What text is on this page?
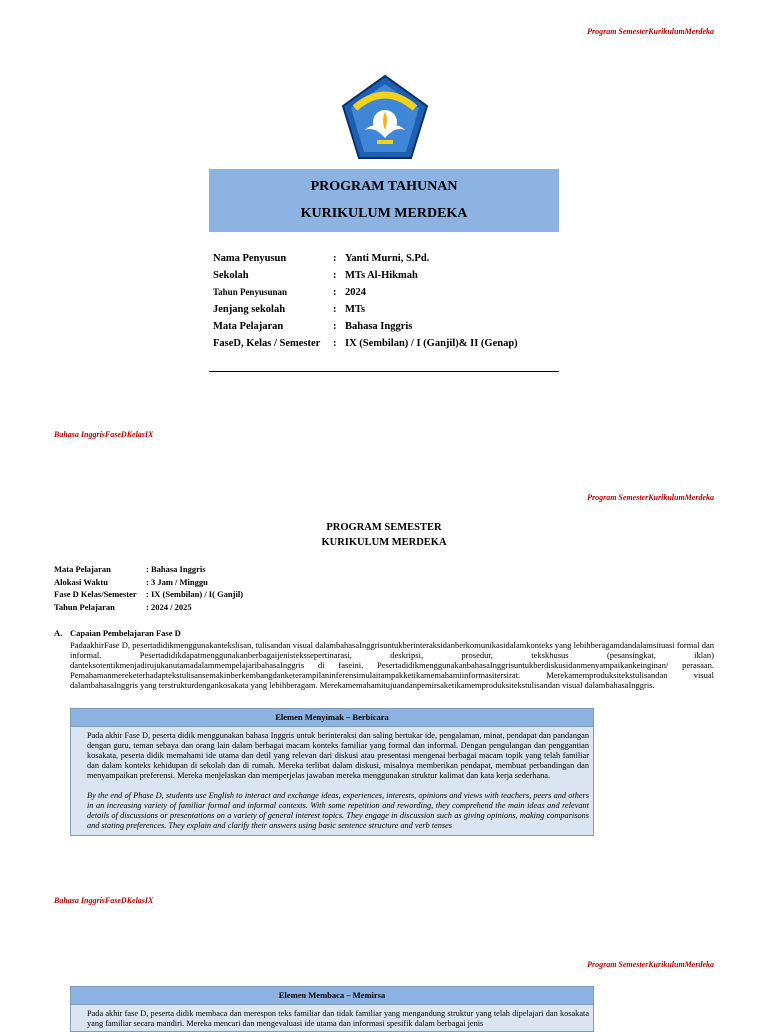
Program SemesterKurikulumMerdeka
PROGRAM TAHUNAN
KURIKULUM MERDEKA
Nama Penyusun	: Yanti Murni, S.Pd.
Sekolah	: MTs Al-Hikmah
Tahun Penyusunan	: 2024
Jenjang sekolah	: MTs
Mata Pelajaran	: Bahasa Inggris
FaseD, Kelas / Semester	: IX (Sembilan) / I (Ganjil)& II (Genap)
Bahasa InggrisFaseDKelasIX
Program SemesterKurikulumMerdeka
PROGRAM SEMESTER
KURIKULUM MERDEKA
Mata Pelajaran	: Bahasa Inggris
Alokasi Waktu	: 3 Jam / Minggu
Fase D Kelas/Semester : IX (Sembilan) / I( Ganjil)
Tahun Pelajaran	: 2024 / 2025
A. Capaian Pembelajaran Fase D

PadaakhirFase D, pesertadidikmenggunakantekslisan, tulisandan visual dalambahasaInggrisuntukberinteraksidanberkomunikasidalamkonteks yang lebihberagamdandalamsituasi formal dan informal. Pesertadidikdapatmenggunakanberbagaijenistekssepertinarasi, deskripsi, prosedur, tekskhusus (pesansingkat, iklan) danteksotentikmenjadirujukanutamadalammempelajaribahasaInggris di faseini. PesertadidikmenggunakanbahasaInggrisuntukberdiskusidanmenyampaikankeinginan/ perasaan. Pemahamanmereketerhadaptekstulisansemakinberkembangdanketerampilaninferensimulaitampakketikamemahamiinformasitersirat. Merekamemproduksitekstulisandan visual dalambahasaInggris yang terstrukturdengankosakata yang lebihberagam. Merekamemahamitujuandanpemirsaketikamemproduksitekstulisandan visual dalambahasaInggris.

Elemen Menyimak – Berbicara

Pada akhir Fase D, peserta didik menggunakan bahasa Inggris untuk berinteraksi dan saling bertukar ide, pengalaman, minat, pendapat dan pandangan dengan guru, teman sebaya dan orang lain dalam berbagai macam konteks familiar yang formal dan informal. Dengan pengulangan dan penggantian kosakata, peserta didik memahami ide utama dan detil yang relevan dari diskusi atau presentasi mengenai berbagai macam topik yang telah familiar dan dalam konteks kehidupan di sekolah dan di rumah. Mereka terlibat dalam diskusi, misalnya memberikan pendapat, membuat perbandingan dan menyampaikan preferensi. Mereka menjelaskan dan memperjelas jawaban mereka menggunakan struktur kalimat dan kata kerja sederhana.

By the end of Phase D, students use English to interact and exchange ideas, experiences, interests, opinions and views with teachers, peers and others in an increasing variety of familiar formal and informal contexts. With some repetition and rewording, they comprehend the main ideas and relevant details of discussions or presentations on a variety of general interest topics. They engage in discussion such as giving opinions, making comparisons and stating preferences. They explain and clarify their answers using basic sentence structure and verb tenses

Bahasa InggrisFaseDKelasIX
Program SemesterKurikulumMerdeka
Elemen Membaca – Memirsa

Pada akhir fase D, peserta didik membaca dan merespon teks familiar dan tidak familiar yang mengandung struktur yang telah dipelajari dan kosakata yang familiar secara mandiri. Mereka mencari dan mengevaluasi ide utama dan informasi spesifik dalam berbagai jenis
